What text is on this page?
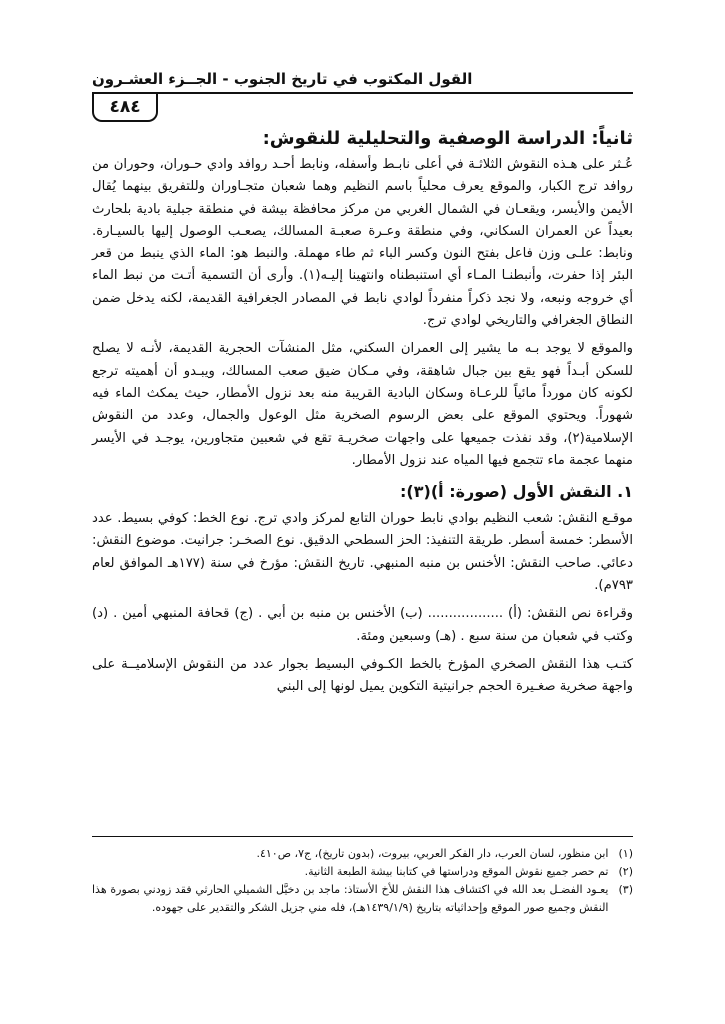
القول المكتوب في تاريخ الجنوب - الجــزء العشـرون
٤٨٤
ثانياً: الدراسة الوصفية والتحليلية للنقوش:

عُـثر على هـذه النقوش الثلاثـة في أعلى نابـط وأسفله، ونابط أحـد روافد وادي حـوران، وحوران من روافد ترج الكبار، والموقع يعرف محلياً باسم النظيم وهما شعبان متجـاوران وللتفريق بينهما يُقال الأيمن والأيسر، ويقعـان في الشمال الغربي من مركز محافظة بيشة في منطقة جبلية بادية بلحارث بعيداً عن العمران السكاني، وفي منطقة وعـرة صعبـة المسالك، يصعـب الوصول إليها بالسيـارة. ونابط: علـى وزن فاعل بفتح النون وكسر الباء ثم طاء مهملة. والنبط هو: الماء الذي ينبط من قعر البئر إذا حفرت، وأنبطنـا المـاء أي استنبطناه وانتهينا إليـه(١). وأرى أن التسمية أتـت من نبط الماء أي خروجه ونبعه، ولا نجد ذكراً منفرداً لوادي نابط في المصادر الجغرافية القديمة، لكنه يدخل ضمن النطاق الجغرافي والتاريخي لوادي ترج.

والموقع لا يوجد بـه ما يشير إلى العمران السكني، مثل المنشآت الحجرية القديمة، لأنـه لا يصلح للسكن أبـداً فهو يقع بين جبال شاهقة، وفي مـكان ضيق صعب المسالك، ويبـدو أن أهميته ترجع لكونه كان مورداً مائياً للرعـاة وسكان البادية القريبة منه بعد نزول الأمطار، حيث يمكث الماء فيه شهوراً. ويحتوي الموقع على بعض الرسوم الصخرية مثل الوعول والجمال، وعدد من النقوش الإسلامية(٢)، وقد نفذت جميعها على واجهات صخريـة تقع في شعبين متجاورين، يوجـد في الأيسر منهما عجمة ماء تتجمع فيها المياه عند نزول الأمطار.

١. النقش الأول (صورة: أ)(٣):

موقـع النقش: شعب النظيم بوادي نابط حوران التابع لمركز وادي ترج. نوع الخط: كوفي بسيط. عدد الأسطر: خمسة أسطر. طريقة التنفيذ: الحز السطحي الدقيق. نوع الصخـر: جرانيت. موضوع النقش: دعائي. صاحب النقش: الأخنس بن منبه المنبهي. تاريخ النقش: مؤرخ في سنة (١٧٧هـ الموافق لعام ٧٩٣م).

وقراءة نص النقش: (أ) .................. (ب) الأخنس بن منبه بن أبي . (ج) قحافة المنبهي أمين . (د) وكتب في شعبان من سنة سبع . (هـ) وسبعين ومئة.

كتـب هذا النقش الصخري المؤرخ بالخط الكـوفي البسيط بجوار عدد من النقوش الإسلاميــة على واجهة صخرية صغـيرة الحجم جرانيتية التكوين يميل لونها إلى البني

(١)
ابن منظور، لسان العرب، دار الفكر العربي، بيروت، (بدون تاريخ)، ج٧، ص٤١٠.
(٢)
تم حصر جميع نقوش الموقع ودراستها في كتابنا بيشة الطبعة الثانية.
(٣)
يعـود الفضـل بعد الله في اكتشاف هذا النقش للأخ الأستاذ: ماجد بن دخيَّل الشميلي الحارثي فقد زودني بصورة هذا النقش وجميع صور الموقع وإحداثياته بتاريخ (١٤٣٩/١/٩هـ)، فله مني جزيل الشكر والتقدير على جهوده.
